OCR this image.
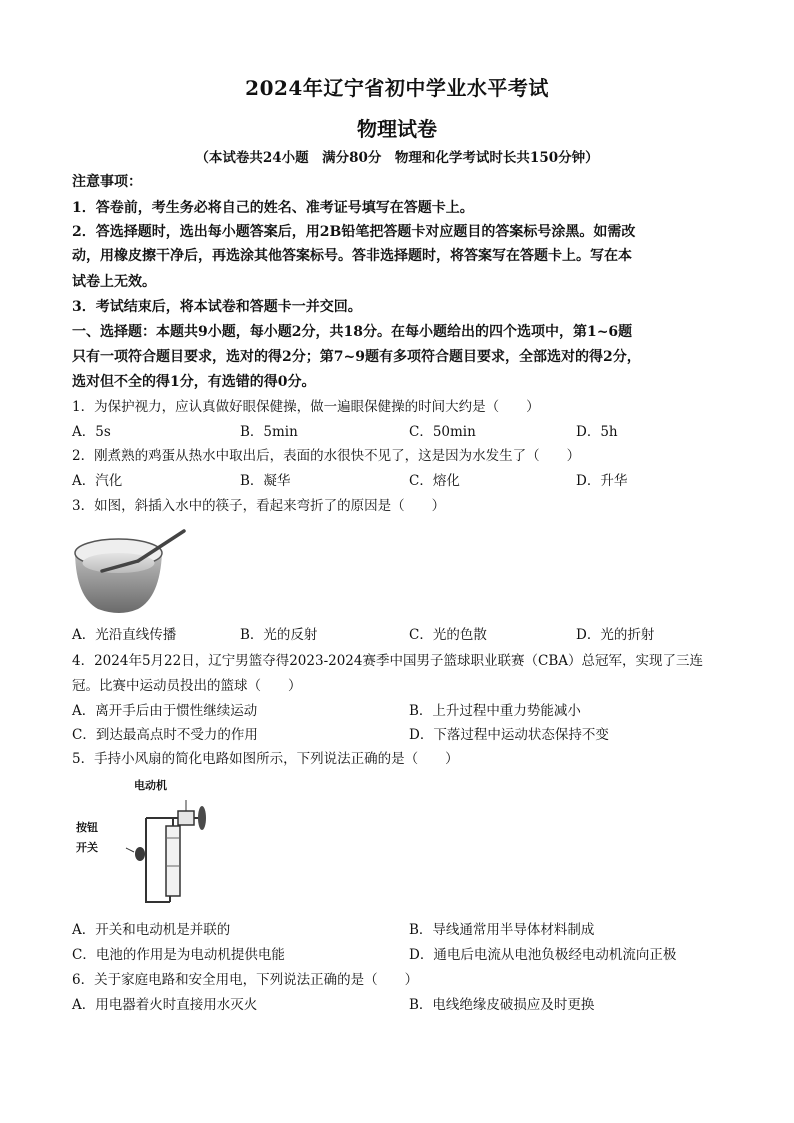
2024年辽宁省初中学业水平考试
物理试卷
（本试卷共24小题　满分80分　物理和化学考试时长共150分钟）
注意事项：
1．答卷前，考生务必将自己的姓名、准考证号填写在答题卡上。
2．答选择题时，选出每小题答案后，用2B铅笔把答题卡对应题目的答案标号涂黑。如需改
动，用橡皮擦干净后，再选涂其他答案标号。答非选择题时，将答案写在答题卡上。写在本
试卷上无效。
3．考试结束后，将本试卷和答题卡一并交回。
一、选择题：本题共9小题，每小题2分，共18分。在每小题给出的四个选项中，第1~6题
只有一项符合题目要求，选对的得2分；第7~9题有多项符合题目要求，全部选对的得2分，
选对但不全的得1分，有选错的得0分。
1．为保护视力，应认真做好眼保健操，做一遍眼保健操的时间大约是（　　）
A．5s	B．5min	C．50min	D．5h
2．刚煮熟的鸡蛋从热水中取出后，表面的水很快不见了，这是因为水发生了（　　）
A．汽化	B．凝华	C．熔化	D．升华
3．如图，斜插入水中的筷子，看起来弯折了的原因是（　　）
A．光沿直线传播	B．光的反射	C．光的色散	D．光的折射
4．2024年5月22日，辽宁男篮夺得2023-2024赛季中国男子篮球职业联赛（CBA）总冠军，实现了三连
冠。比赛中运动员投出的篮球（　　）
A．离开手后由于惯性继续运动	B．上升过程中重力势能减小
C．到达最高点时不受力的作用	D．下落过程中运动状态保持不变
5．手持小风扇的简化电路如图所示，下列说法正确的是（　　）
电动机
按钮
开关
A．开关和电动机是并联的	B．导线通常用半导体材料制成
C．电池的作用是为电动机提供电能	D．通电后电流从电池负极经电动机流向正极
6．关于家庭电路和安全用电，下列说法正确的是（　　）
A．用电器着火时直接用水灭火	B．电线绝缘皮破损应及时更换
